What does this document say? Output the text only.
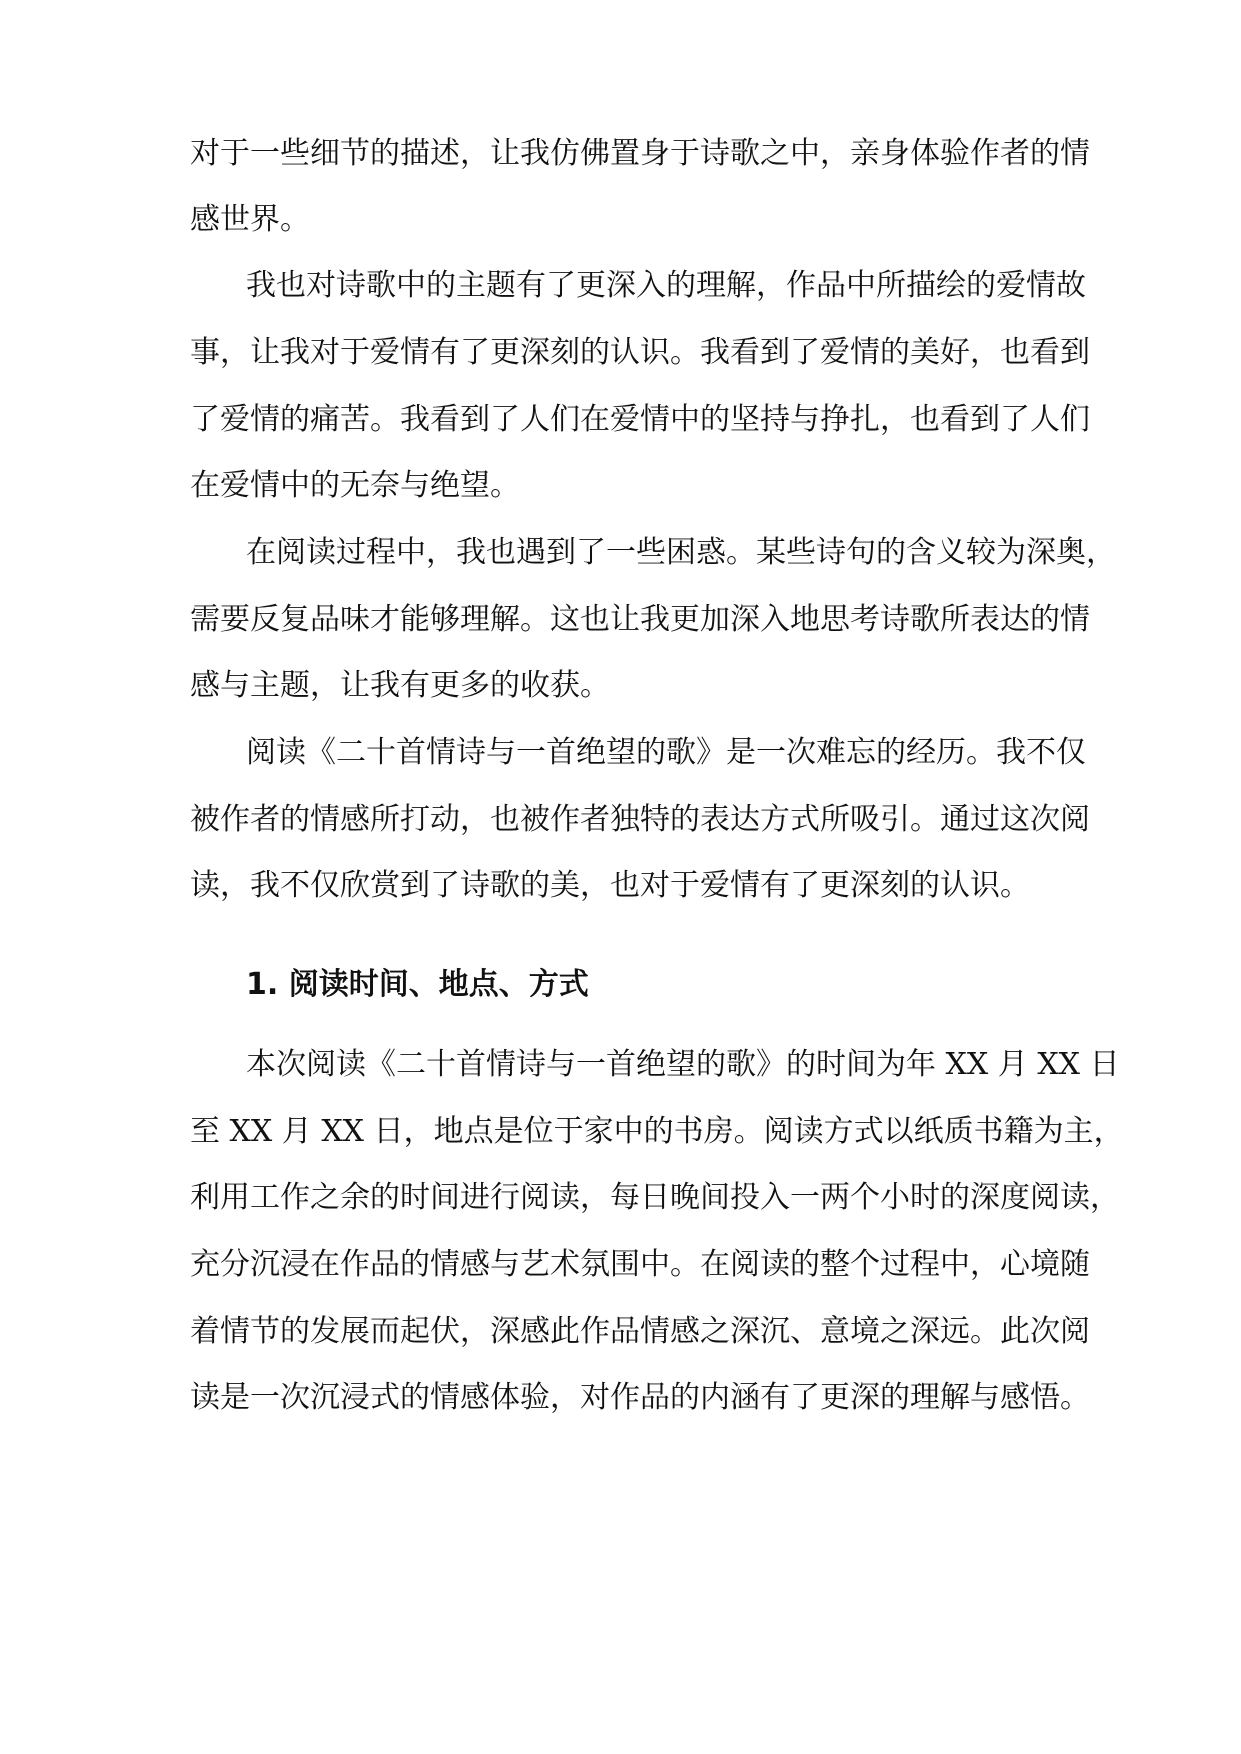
对于一些细节的描述，让我仿佛置身于诗歌之中，亲身体验作者的情
感世界。
我也对诗歌中的主题有了更深入的理解，作品中所描绘的爱情故
事，让我对于爱情有了更深刻的认识。我看到了爱情的美好，也看到
了爱情的痛苦。我看到了人们在爱情中的坚持与挣扎，也看到了人们
在爱情中的无奈与绝望。
在阅读过程中，我也遇到了一些困惑。某些诗句的含义较为深奥，
需要反复品味才能够理解。这也让我更加深入地思考诗歌所表达的情
感与主题，让我有更多的收获。
阅读《二十首情诗与一首绝望的歌》是一次难忘的经历。我不仅
被作者的情感所打动，也被作者独特的表达方式所吸引。通过这次阅
读，我不仅欣赏到了诗歌的美，也对于爱情有了更深刻的认识。
1. 阅读时间、地点、方式
本次阅读《二十首情诗与一首绝望的歌》的时间为年 XX 月 XX 日
至 XX 月 XX 日，地点是位于家中的书房。阅读方式以纸质书籍为主，
利用工作之余的时间进行阅读，每日晚间投入一两个小时的深度阅读，
充分沉浸在作品的情感与艺术氛围中。在阅读的整个过程中，心境随
着情节的发展而起伏，深感此作品情感之深沉、意境之深远。此次阅
读是一次沉浸式的情感体验，对作品的内涵有了更深的理解与感悟。
